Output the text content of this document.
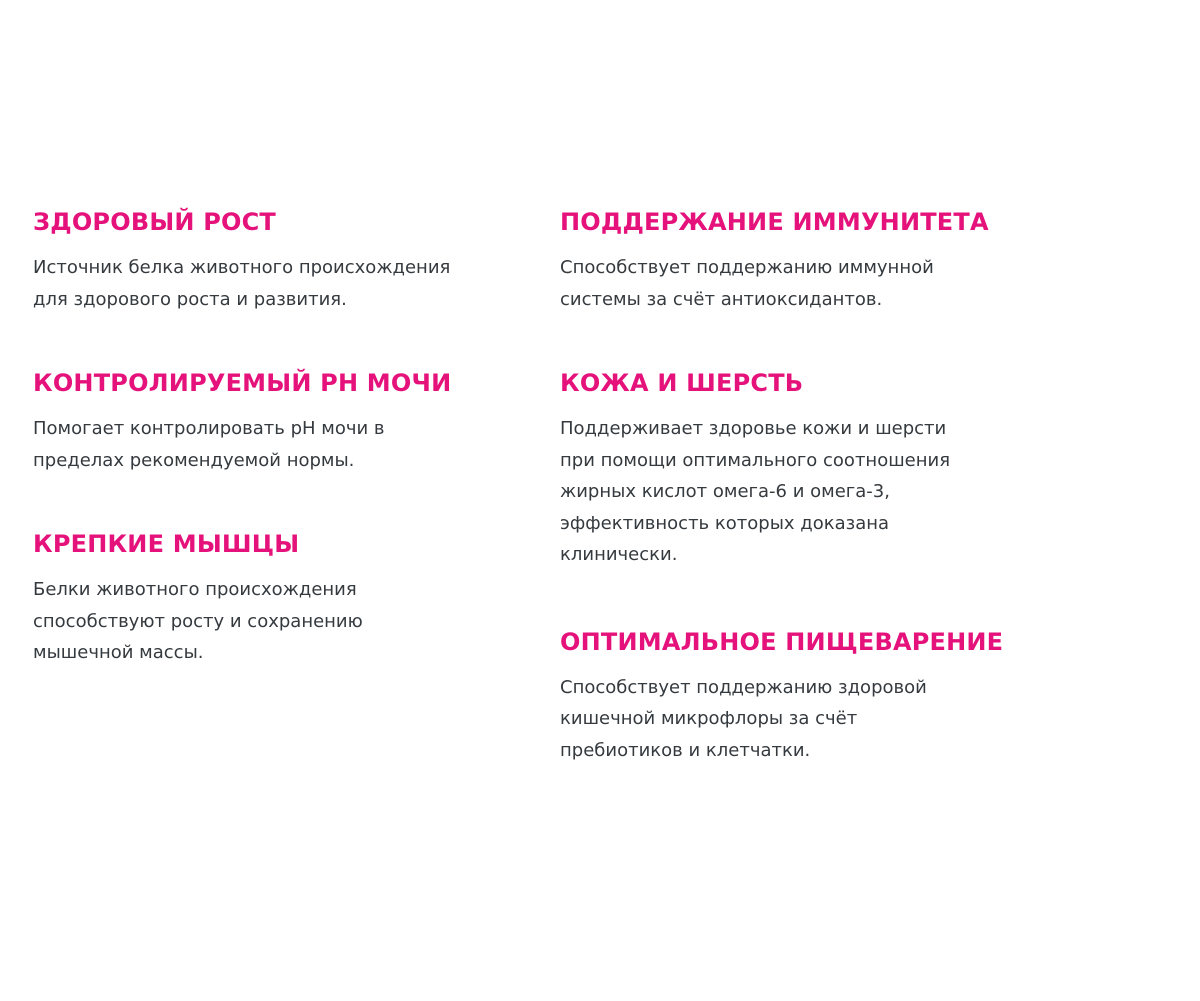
ЗДОРОВЫЙ РОСТ

Источник белка животного происхождения
для здорового роста и развития.

КОНТРОЛИРУЕМЫЙ PH МОЧИ

Помогает контролировать pH мочи в
пределах рекомендуемой нормы.

КРЕПКИЕ МЫШЦЫ

Белки животного происхождения
способствуют росту и сохранению
мышечной массы.

ПОДДЕРЖАНИЕ ИММУНИТЕТА

Способствует поддержанию иммунной
системы за счёт антиоксидантов.

КОЖА И ШЕРСТЬ

Поддерживает здоровье кожи и шерсти
при помощи оптимального соотношения
жирных кислот омега-6 и омега-3,
эффективность которых доказана
клинически.

ОПТИМАЛЬНОЕ ПИЩЕВАРЕНИЕ

Способствует поддержанию здоровой
кишечной микрофлоры за счёт
пребиотиков и клетчатки.
